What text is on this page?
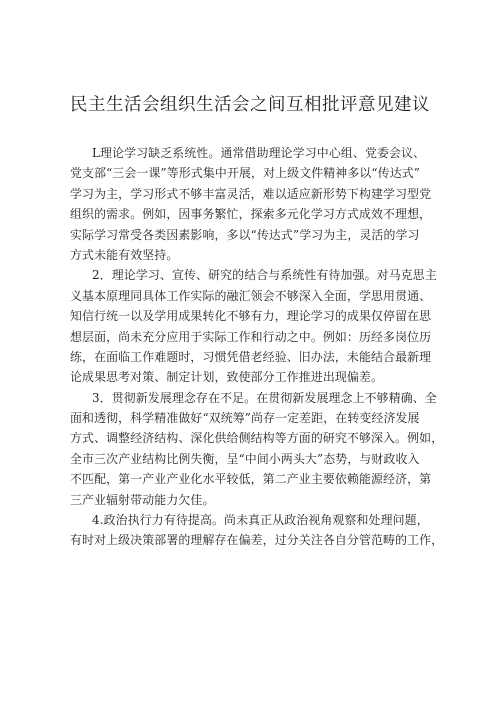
民主生活会组织生活会之间互相批评意见建议
L理论学习缺乏系统性。通常借助理论学习中心组、党委会议、
党支部“三会一课”等形式集中开展，对上级文件精神多以“传达式”
学习为主，学习形式不够丰富灵活，难以适应新形势下构建学习型党
组织的需求。例如，因事务繁忙，探索多元化学习方式成效不理想，
实际学习常受各类因素影响，多以“传达式”学习为主，灵活的学习
方式未能有效坚持。
2．理论学习、宣传、研究的结合与系统性有待加强。对马克思主
义基本原理同具体工作实际的融汇领会不够深入全面，学思用贯通、
知信行统一以及学用成果转化不够有力，理论学习的成果仅停留在思
想层面，尚未充分应用于实际工作和行动之中。例如：历经多岗位历
练，在面临工作难题时，习惯凭借老经验、旧办法，未能结合最新理
论成果思考对策、制定计划，致使部分工作推进出现偏差。
3．贯彻新发展理念存在不足。在贯彻新发展理念上不够精确、全
面和透彻，科学精准做好“双统筹”尚存一定差距，在转变经济发展
方式、调整经济结构、深化供给侧结构等方面的研究不够深入。例如，
全市三次产业结构比例失衡，呈“中间小两头大”态势，与财政收入
不匹配，第一产业产业化水平较低，第二产业主要依赖能源经济，第
三产业辐射带动能力欠佳。
4.政治执行力有待提高。尚未真正从政治视角观察和处理问题，
有时对上级决策部署的理解存在偏差，过分关注各自分管范畴的工作，
